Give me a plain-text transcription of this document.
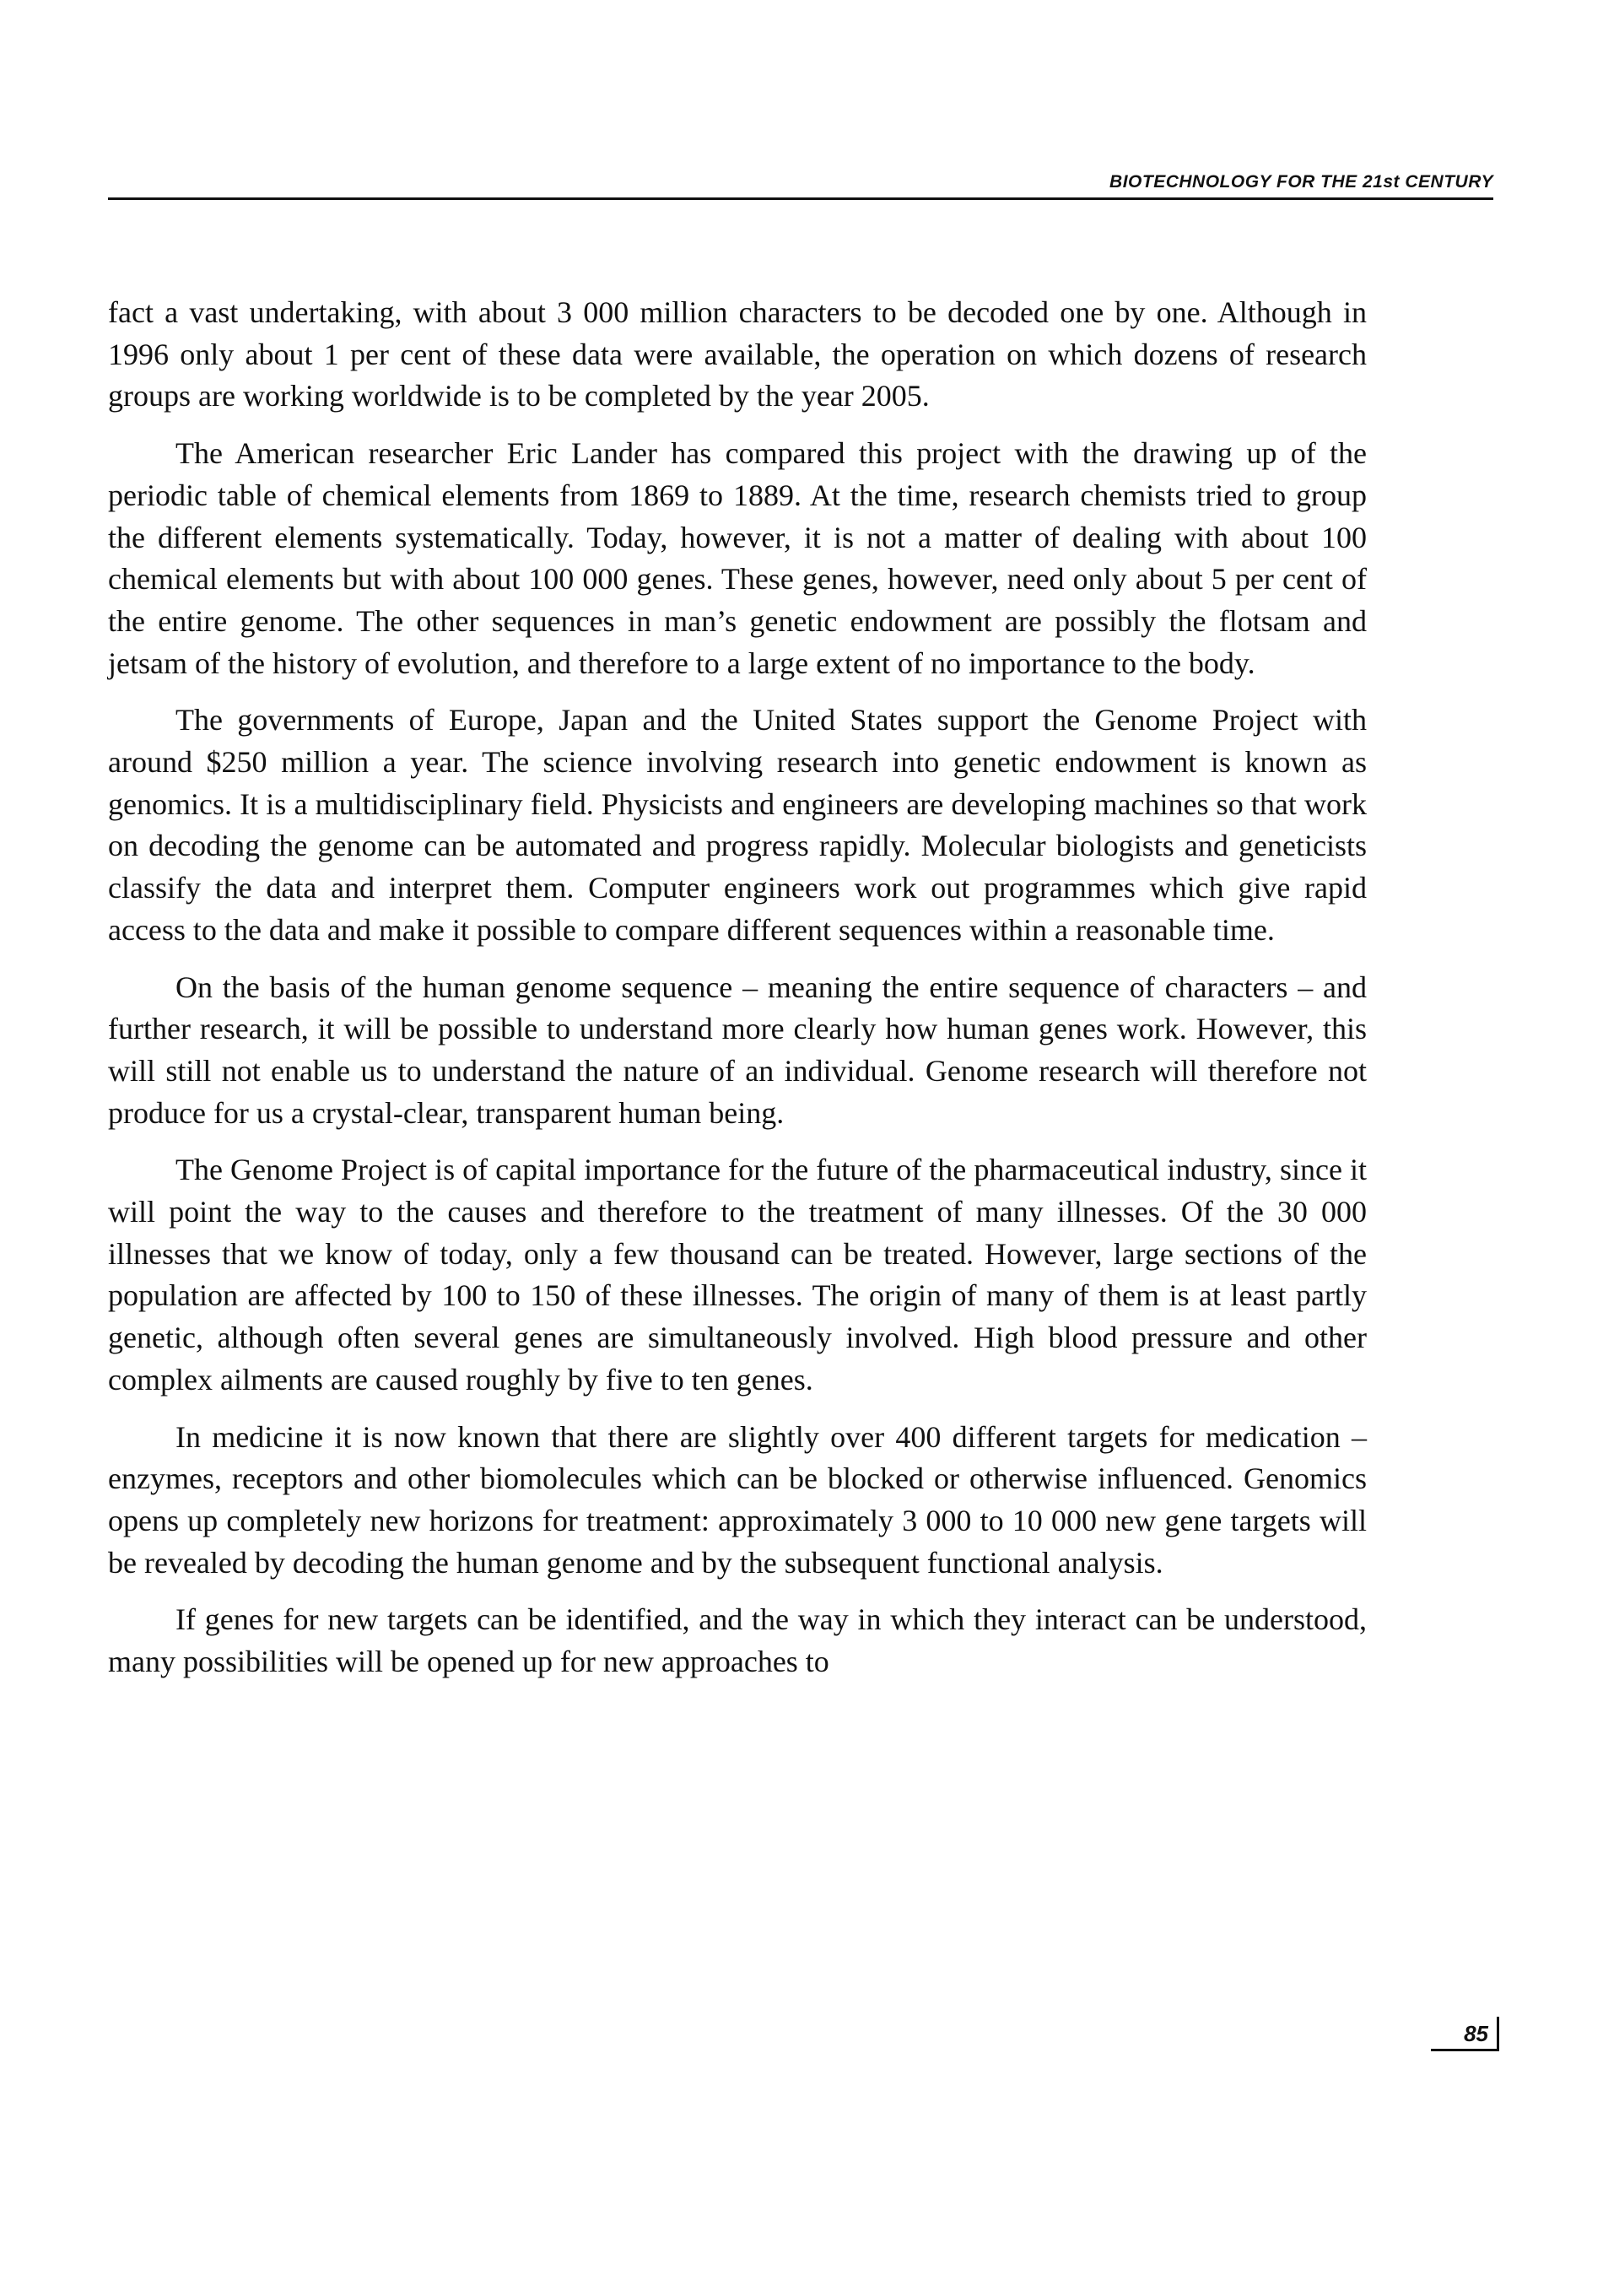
BIOTECHNOLOGY FOR THE 21st CENTURY

fact a vast undertaking, with about 3 000 million characters to be decoded one by one. Although in 1996 only about 1 per cent of these data were available, the operation on which dozens of research groups are working worldwide is to be completed by the year 2005.

The American researcher Eric Lander has compared this project with the drawing up of the periodic table of chemical elements from 1869 to 1889. At the time, research chemists tried to group the different elements systematically. Today, however, it is not a matter of dealing with about 100 chemical elements but with about 100 000 genes. These genes, however, need only about 5 per cent of the entire genome. The other sequences in man’s genetic endowment are possibly the flotsam and jetsam of the history of evolution, and therefore to a large extent of no importance to the body.

The governments of Europe, Japan and the United States support the Genome Project with around $250 million a year. The science involving research into genetic endowment is known as genomics. It is a multidisciplinary field. Physicists and engineers are developing machines so that work on decoding the genome can be automated and progress rapidly. Molecular biologists and geneticists classify the data and interpret them. Computer engineers work out programmes which give rapid access to the data and make it possible to compare different sequences within a reasonable time.

On the basis of the human genome sequence – meaning the entire sequence of characters – and further research, it will be possible to understand more clearly how human genes work. However, this will still not enable us to understand the nature of an individual. Genome research will therefore not produce for us a crystal-clear, transparent human being.

The Genome Project is of capital importance for the future of the pharmaceutical industry, since it will point the way to the causes and therefore to the treatment of many illnesses. Of the 30 000 illnesses that we know of today, only a few thousand can be treated. However, large sections of the population are affected by 100 to 150 of these illnesses. The origin of many of them is at least partly genetic, although often several genes are simultaneously involved. High blood pressure and other complex ailments are caused roughly by five to ten genes.

In medicine it is now known that there are slightly over 400 different targets for medication – enzymes, receptors and other biomolecules which can be blocked or otherwise influenced. Genomics opens up completely new horizons for treatment: approximately 3 000 to 10 000 new gene targets will be revealed by decoding the human genome and by the subsequent functional analysis.

If genes for new targets can be identified, and the way in which they interact can be understood, many possibilities will be opened up for new approaches to

85
